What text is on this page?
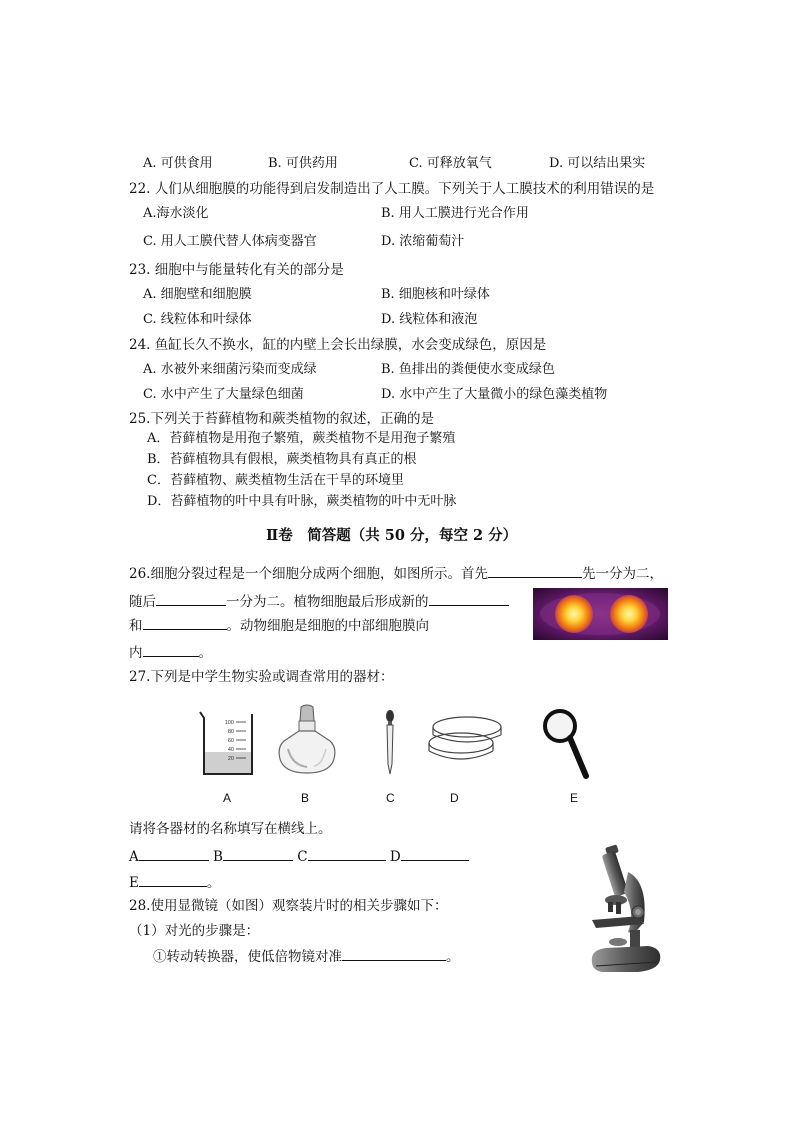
A. 可供食用	B. 可供药用	C. 可释放氧气	D. 可以结出果实
22. 人们从细胞膜的功能得到启发制造出了人工膜。下列关于人工膜技术的利用错误的是
A.海水淡化	B. 用人工膜进行光合作用
C. 用人工膜代替人体病变器官	D. 浓缩葡萄汁
23. 细胞中与能量转化有关的部分是
A. 细胞壁和细胞膜	B. 细胞核和叶绿体
C. 线粒体和叶绿体	D. 线粒体和液泡
24. 鱼缸长久不换水，缸的内壁上会长出绿膜，水会变成绿色，原因是
A. 水被外来细菌污染而变成绿	B. 鱼排出的粪便使水变成绿色
C. 水中产生了大量绿色细菌	D. 水中产生了大量微小的绿色藻类植物
25.下列关于苔藓植物和蕨类植物的叙述，正确的是
A．苔藓植物是用孢子繁殖，蕨类植物不是用孢子繁殖
B．苔藓植物具有假根，蕨类植物具有真正的根
C．苔藓植物、蕨类植物生活在干旱的环境里
D．苔藓植物的叶中具有叶脉，蕨类植物的叶中无叶脉
Ⅱ卷　简答题（共 50 分，每空 2 分）
26.细胞分裂过程是一个细胞分成两个细胞，如图所示。首先	先一分为二，
随后	一分为二。植物细胞最后形成新的
和	。动物细胞是细胞的中部细胞膜向
内	。
27.下列是中学生物实验或调查常用的器材：
100
80
60
40
20
A	B	C	D	E
请将各器材的名称填写在横线上。
A	B	C	D
E	。
28.使用显微镜（如图）观察装片时的相关步骤如下：
（1）对光的步骤是：
①转动转换器，使低倍物镜对准	。
